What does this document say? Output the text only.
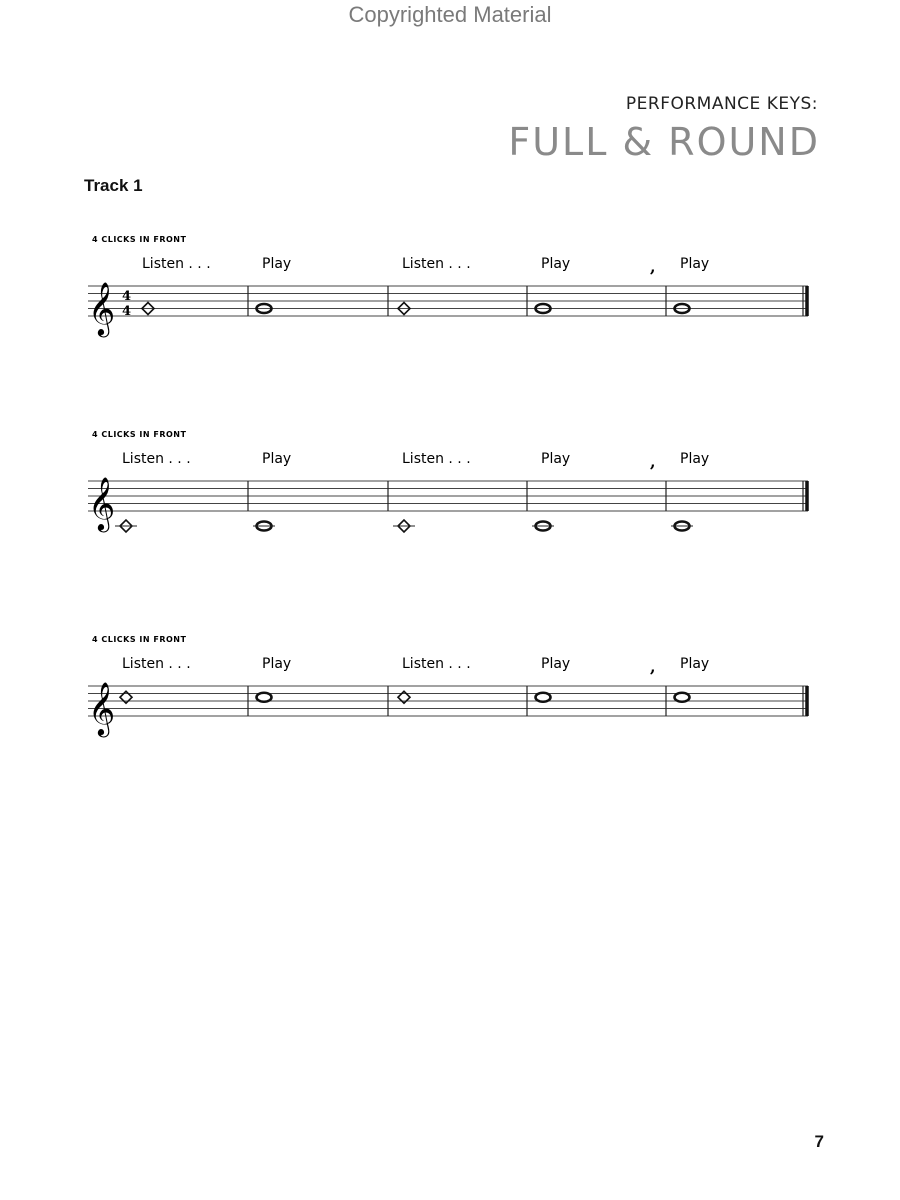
Copyrighted Material
PERFORMANCE KEYS:
FULL & ROUND
Track 1
4 CLICKS IN FRONT
𝄞 4
4
Listen . . .	Play	Listen . . .	Play	Play
,
4 CLICKS IN FRONT
𝄞
Listen . . .	Play	Listen . . .	Play	Play
,
4 CLICKS IN FRONT
𝄞
Listen . . .	Play	Listen . . .	Play	Play
,
7
